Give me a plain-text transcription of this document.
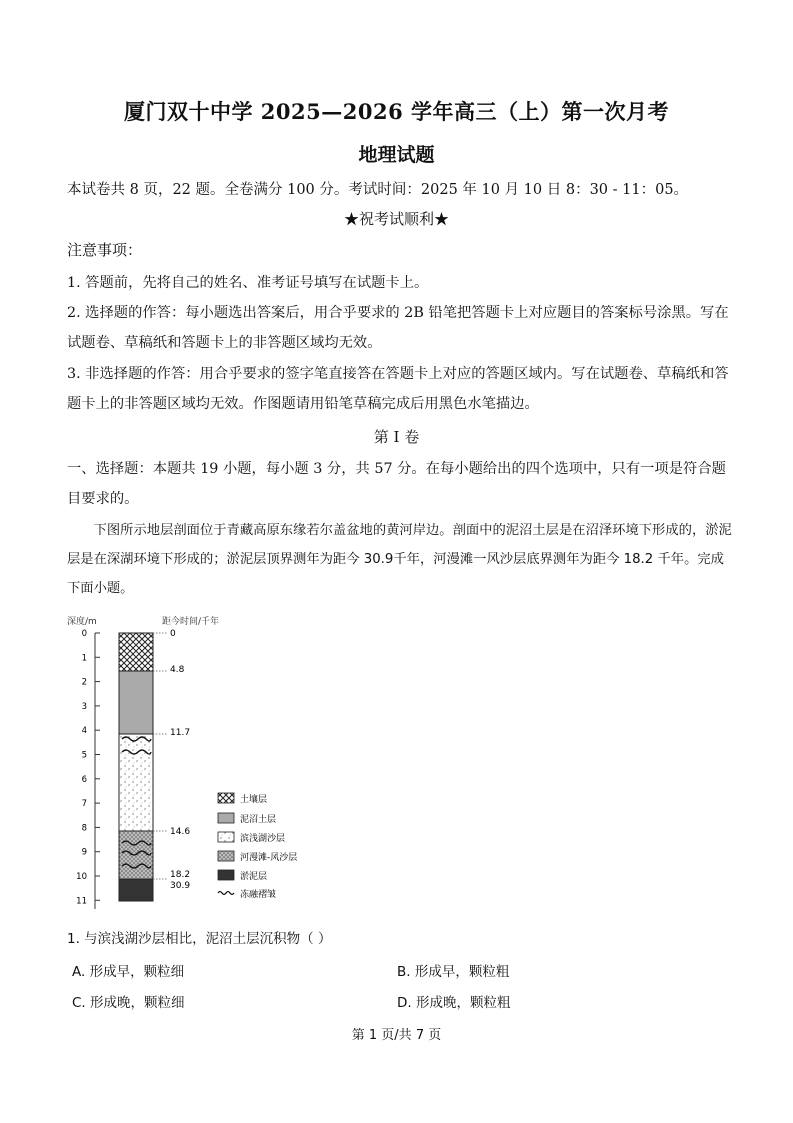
厦门双十中学 2025—2026 学年高三（上）第一次月考
地理试题
本试卷共 8 页，22 题。全卷满分 100 分。考试时间：2025 年 10 月 10 日 8：30 - 11：05。
★祝考试顺利★
注意事项：
1. 答题前，先将自己的姓名、准考证号填写在试题卡上。
2. 选择题的作答：每小题选出答案后，用合乎要求的 2B 铅笔把答题卡上对应题目的答案标号涂黑。写在试题卷、草稿纸和答题卡上的非答题区域均无效。
3. 非选择题的作答：用合乎要求的签字笔直接答在答题卡上对应的答题区域内。写在试题卷、草稿纸和答题卡上的非答题区域均无效。作图题请用铅笔草稿完成后用黑色水笔描边。
第 I 卷
一、选择题：本题共 19 小题，每小题 3 分，共 57 分。在每小题给出的四个选项中，只有一项是符合题目要求的。
下图所示地层剖面位于青藏高原东缘若尔盖盆地的黄河岸边。剖面中的泥沼土层是在沼泽环境下形成的，淤泥层是在深湖环境下形成的；淤泥层顶界测年为距今 30.9千年，河漫滩一风沙层底界测年为距今 18.2 千年。完成下面小题。
深度/m	距今时间/千年
0
1
2
3
4
5
6
7
8
9
10
11
0
4.8
11.7
14.6
18.2
30.9
土壤层
泥沼土层
滨浅湖沙层
河漫滩-风沙层
淤泥层
冻融褶皱
1. 与滨浅湖沙层相比，泥沼土层沉积物（ ）
A. 形成早，颗粒细	B. 形成早，颗粒粗
C. 形成晚，颗粒细	D. 形成晚，颗粒粗
第 1 页/共 7 页
